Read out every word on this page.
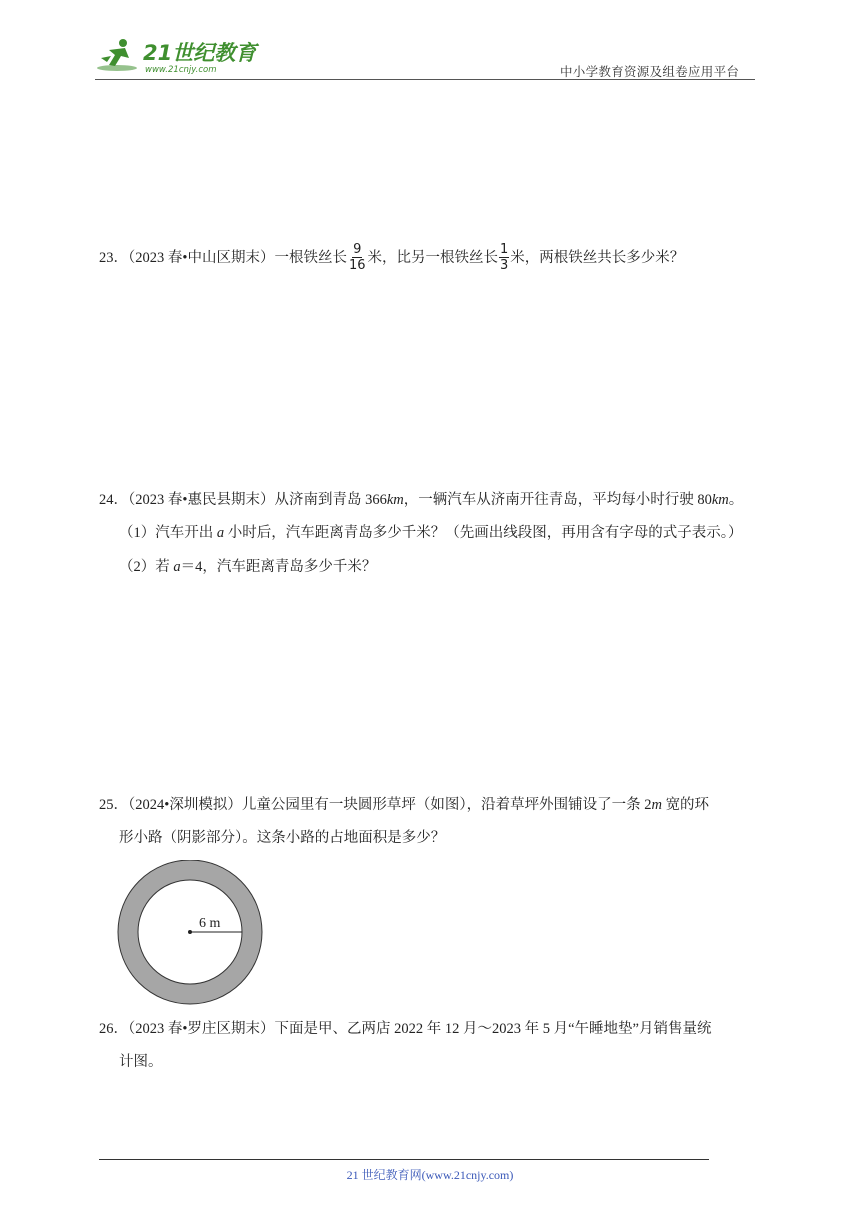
21世纪教育
www.21cnjy.com	中小学教育资源及组卷应用平台
23．（2023 春•中山区期末）一根铁丝长 $\frac{9}{16}$ 米，比另一根铁丝长 $\frac{1}{3}$ 米，两根铁丝共长多少米？
24．（2023 春•惠民县期末）从济南到青岛 366km，一辆汽车从济南开往青岛，平均每小时行驶 80km。
（1）汽车开出 a 小时后，汽车距离青岛多少千米？（先画出线段图，再用含有字母的式子表示。）
（2）若 a＝4，汽车距离青岛多少千米？
25．（2024•深圳模拟）儿童公园里有一块圆形草坪（如图），沿着草坪外围铺设了一条 2m 宽的环
形小路（阴影部分）。这条小路的占地面积是多少？
6 m
26．（2023 春•罗庄区期末）下面是甲、乙两店 2022 年 12 月～2023 年 5 月“午睡地垫”月销售量统
计图。
21 世纪教育网(www.21cnjy.com)
